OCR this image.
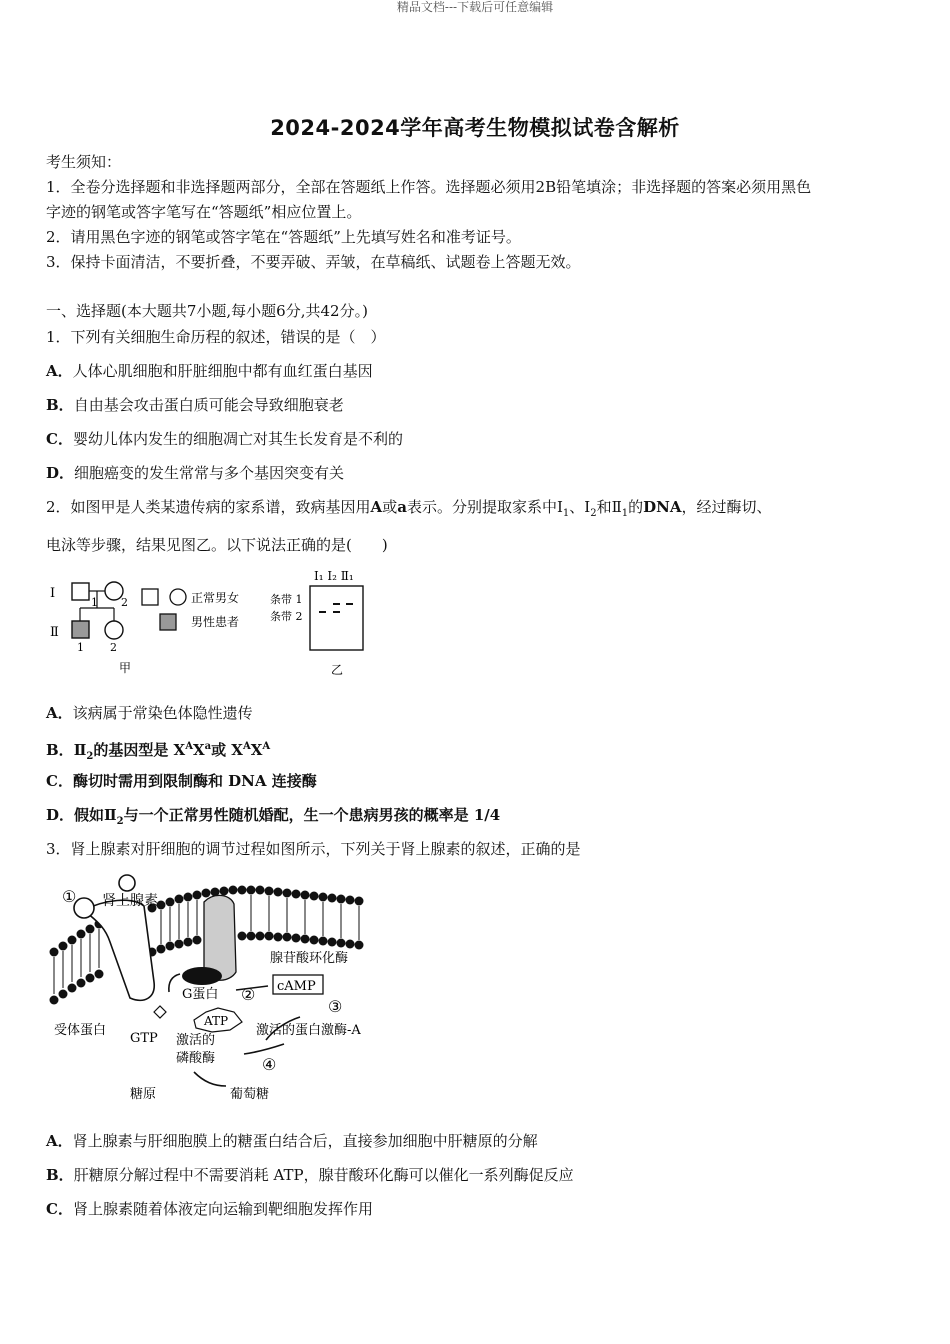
精品文档---下载后可任意编辑
2024-2024学年高考生物模拟试卷含解析
考生须知：
1．全卷分选择题和非选择题两部分，全部在答题纸上作答。选择题必须用2B铅笔填涂；非选择题的答案必须用黑色
字迹的钢笔或答字笔写在“答题纸”相应位置上。
2．请用黑色字迹的钢笔或答字笔在“答题纸”上先填写姓名和准考证号。
3．保持卡面清洁，不要折叠，不要弄破、弄皱，在草稿纸、试题卷上答题无效。
一、选择题(本大题共7小题,每小题6分,共42分。)
1．下列有关细胞生命历程的叙述，错误的是（　）
A．人体心肌细胞和肝脏细胞中都有血红蛋白基因
B．自由基会攻击蛋白质可能会导致细胞衰老
C．婴幼儿体内发生的细胞凋亡对其生长发育是不利的
D．细胞癌变的发生常常与多个基因突变有关
2．如图甲是人类某遗传病的家系谱，致病基因用A或a表示。分别提取家系中$Ⅰ_1$、$Ⅰ_2$和$Ⅱ_1$的DNA，经过酶切、
电泳等步骤，结果见图乙。以下说法正确的是(　　)
Ⅰ
Ⅱ
1 2
1 2
正常男女
男性患者
甲
Ⅰ₁ Ⅰ₂ Ⅱ₁
条带 1
条带 2
乙
A．该病属于常染色体隐性遗传
B．$Ⅱ_2$的基因型是 $X^AX^a$或 $X^AX^A$
C．酶切时需用到限制酶和 DNA 连接酶
D．假如$Ⅱ_2$与一个正常男性随机婚配，生一个患病男孩的概率是 1/4
3．肾上腺素对肝细胞的调节过程如图所示，下列关于肾上腺素的叙述，正确的是
① 肾上腺素
腺苷酸环化酶
G蛋白 ② cAMP
③
受体蛋白
ATP
激活的蛋白激酶-A
GTP 激活的
磷酸酶	④
糖原	葡萄糖
A．肾上腺素与肝细胞膜上的糖蛋白结合后，直接参加细胞中肝糖原的分解
B．肝糖原分解过程中不需要消耗 ATP，腺苷酸环化酶可以催化一系列酶促反应
C．肾上腺素随着体液定向运输到靶细胞发挥作用
